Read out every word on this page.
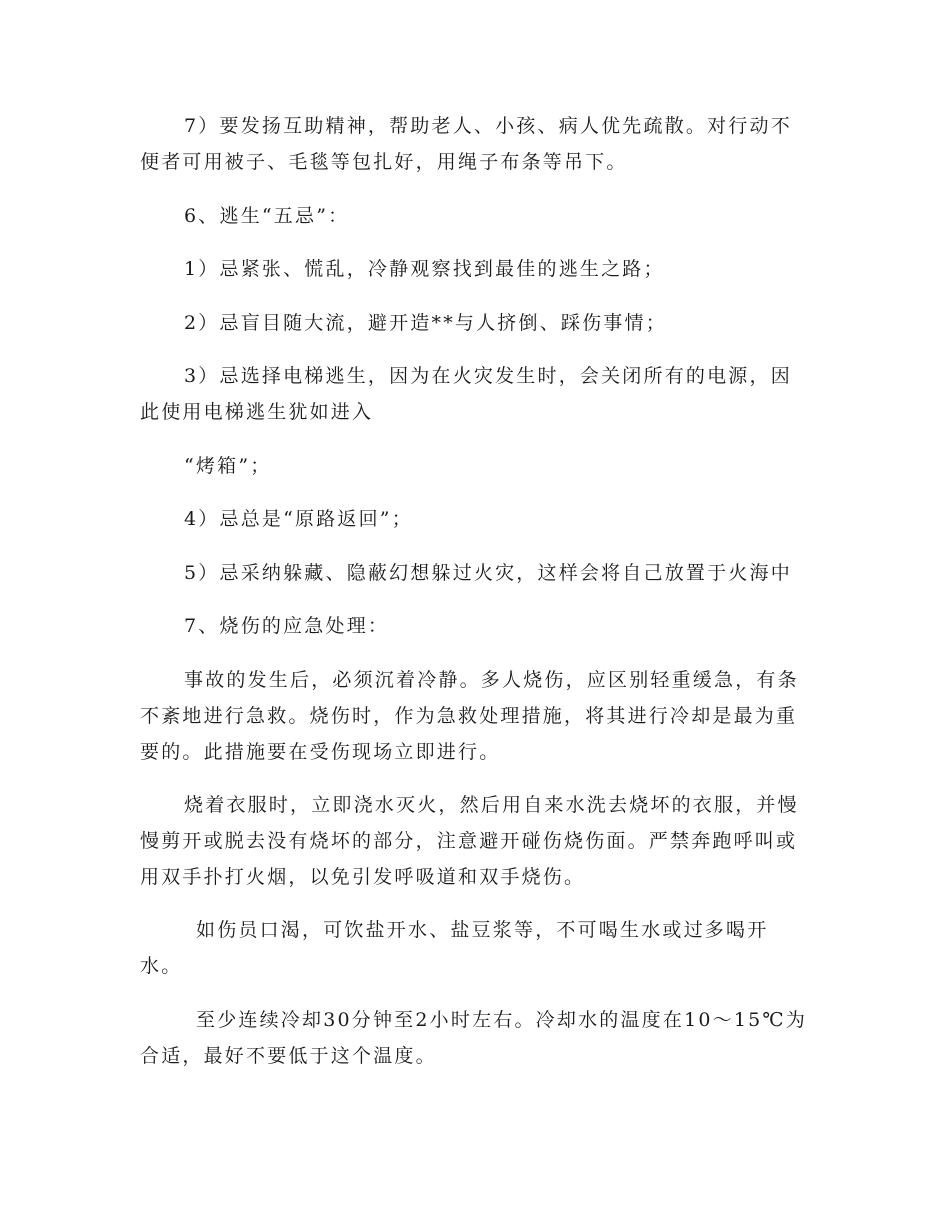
7）要发扬互助精神，帮助老人、小孩、病人优先疏散。对行动不便者可用被子、毛毯等包扎好，用绳子布条等吊下。

6、逃生“五忌”：

1）忌紧张、慌乱，冷静观察找到最佳的逃生之路；

2）忌盲目随大流，避开造**与人挤倒、踩伤事情；

3）忌选择电梯逃生，因为在火灾发生时，会关闭所有的电源，因此使用电梯逃生犹如进入

“烤箱”；

4）忌总是“原路返回”；

5）忌采纳躲藏、隐蔽幻想躲过火灾，这样会将自己放置于火海中

7、烧伤的应急处理：

事故的发生后，必须沉着冷静。多人烧伤，应区别轻重缓急，有条不紊地进行急救。烧伤时，作为急救处理措施，将其进行冷却是最为重要的。此措施要在受伤现场立即进行。

烧着衣服时，立即浇水灭火，然后用自来水洗去烧坏的衣服，并慢慢剪开或脱去没有烧坏的部分，注意避开碰伤烧伤面。严禁奔跑呼叫或用双手扑打火烟，以免引发呼吸道和双手烧伤。

如伤员口渴，可饮盐开水、盐豆浆等，不可喝生水或过多喝开水。

至少连续冷却30分钟至2小时左右。冷却水的温度在10～15℃为合适，最好不要低于这个温度。
